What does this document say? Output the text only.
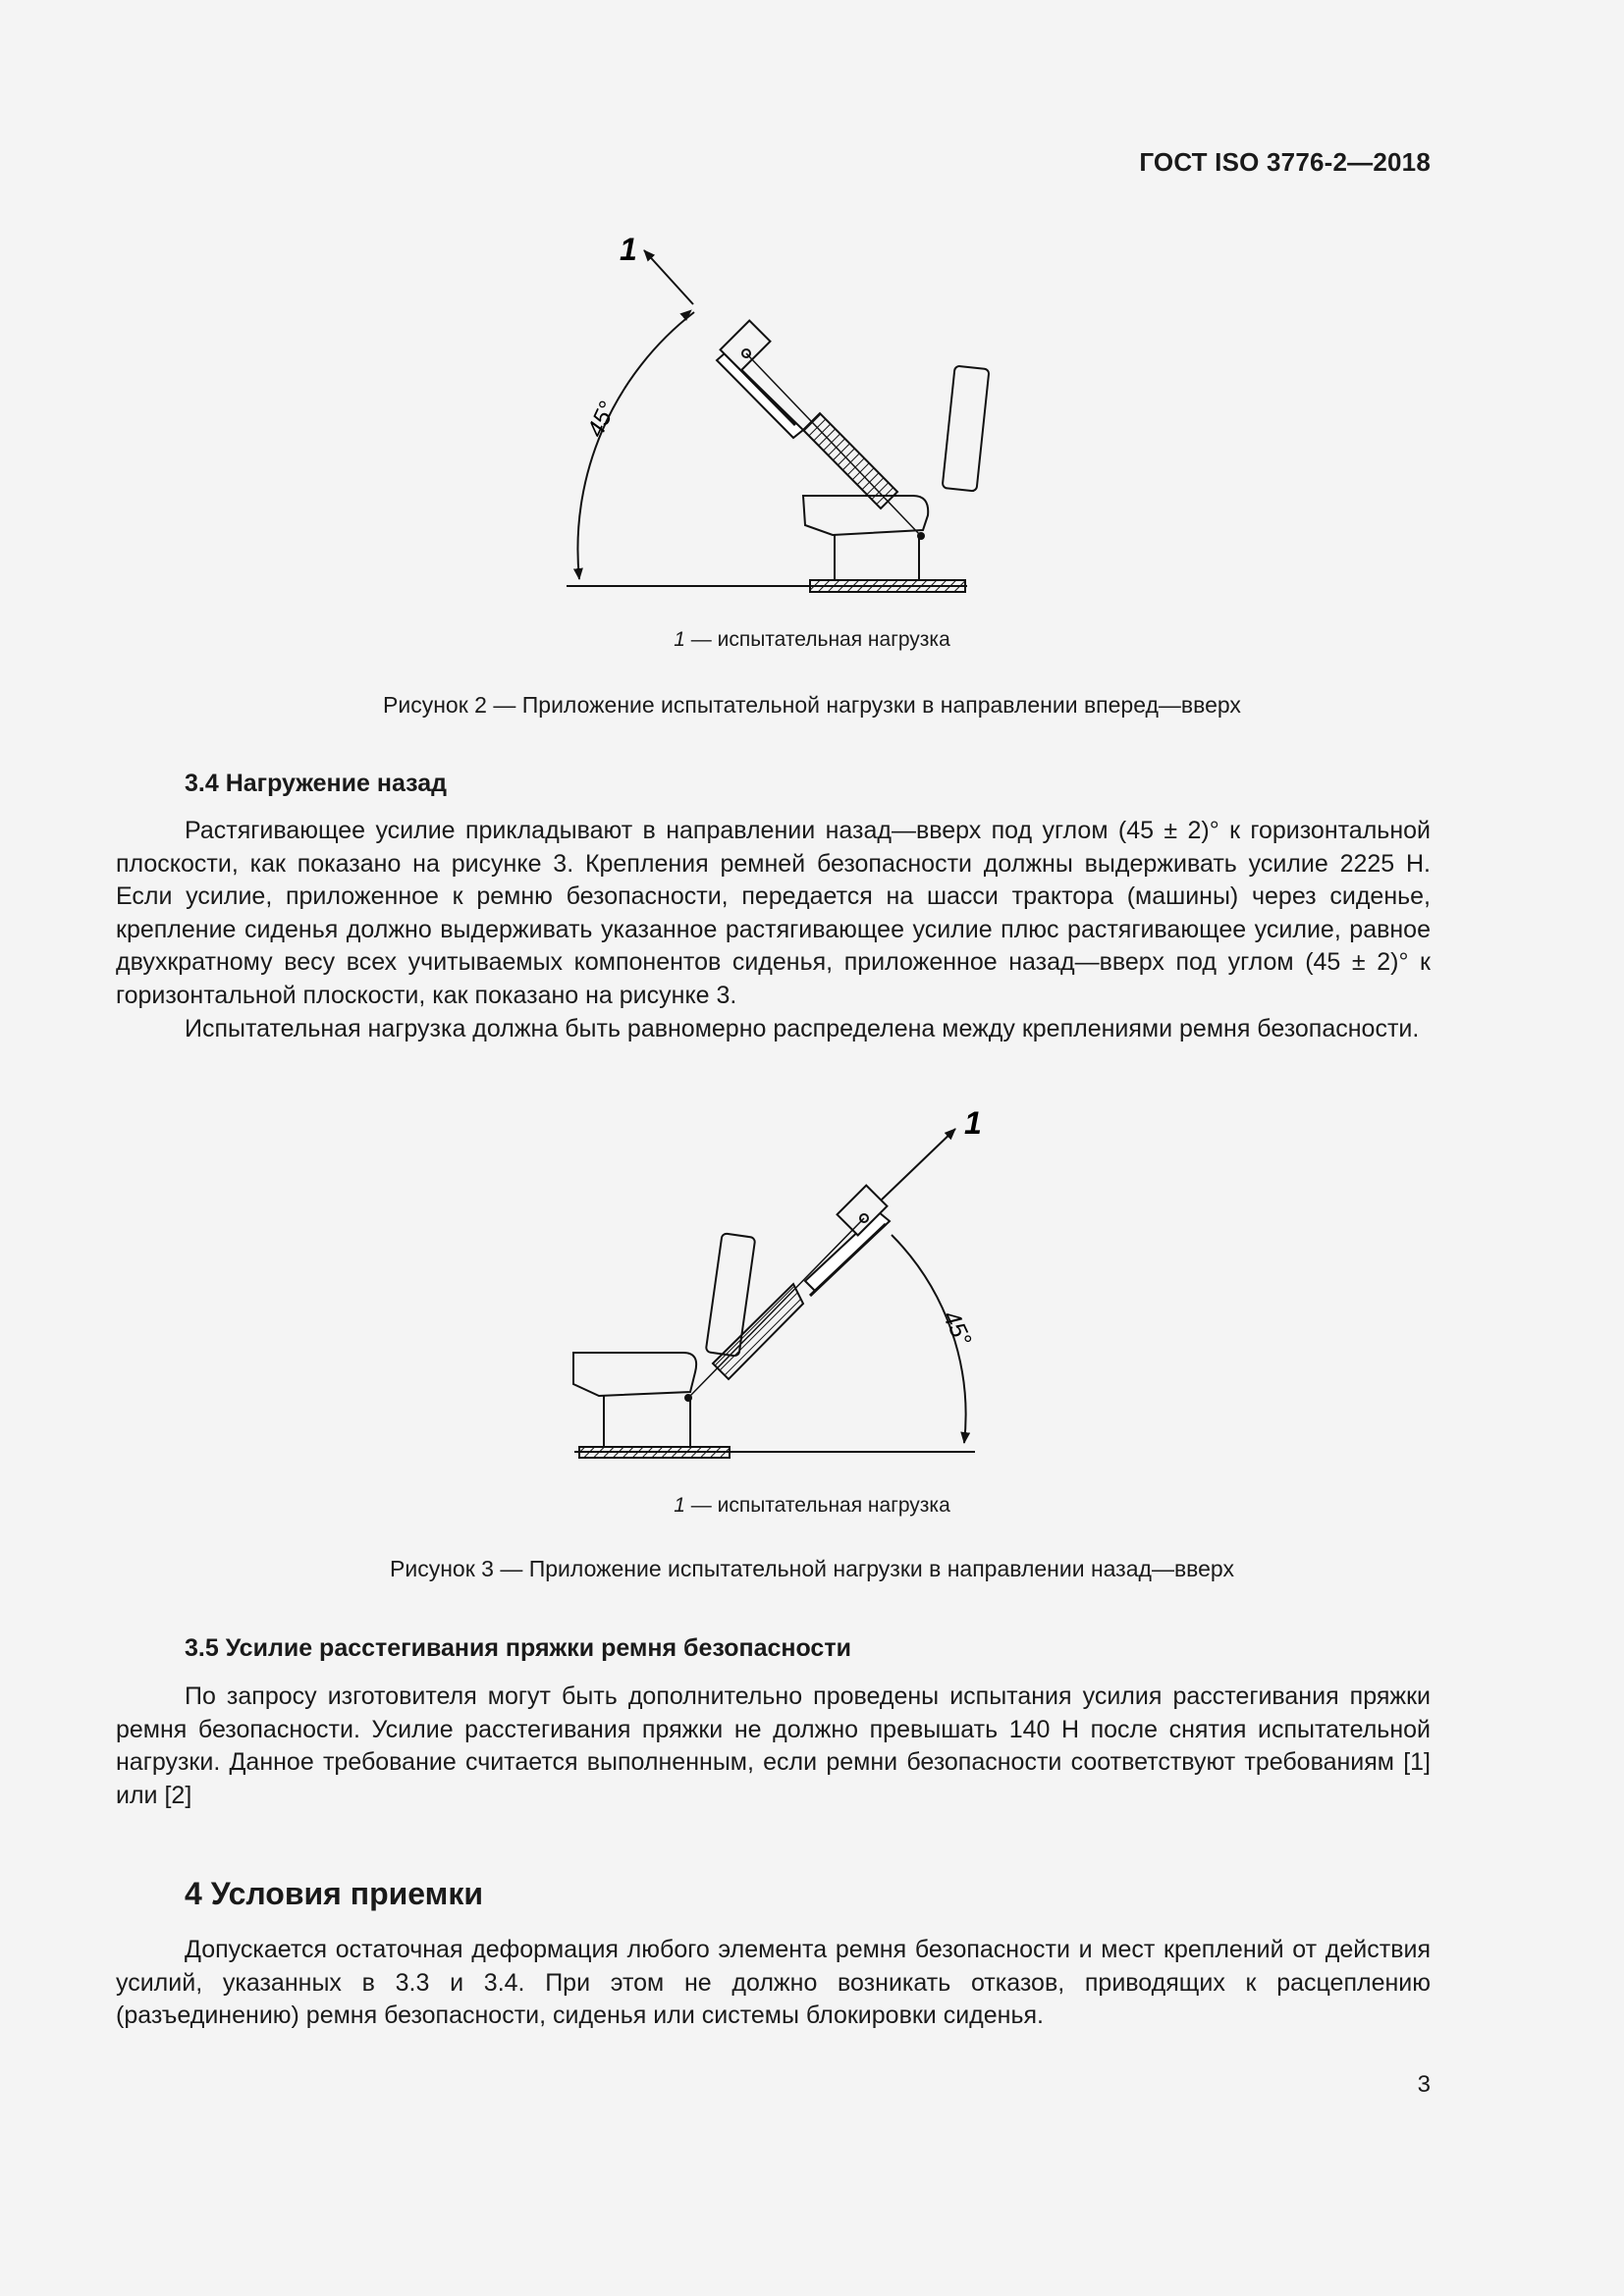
ГОСТ ISO 3776-2—2018
1
45°
1 — испытательная нагрузка
Рисунок 2 — Приложение испытательной нагрузки в направлении вперед—вверх
3.4 Нагружение назад

Растягивающее усилие прикладывают в направлении назад—вверх под углом (45 ± 2)° к горизонтальной плоскости, как показано на рисунке 3. Крепления ремней безопасности должны выдерживать усилие 2225 Н. Если усилие, приложенное к ремню безопасности, передается на шасси трактора (машины) через сиденье, крепление сиденья должно выдерживать указанное растягивающее усилие плюс растягивающее усилие, равное двухкратному весу всех учитываемых компонентов сиденья, приложенное назад—вверх под углом (45 ± 2)° к горизонтальной плоскости, как показано на рисунке 3.

Испытательная нагрузка должна быть равномерно распределена между креплениями ремня безопасности.

1
45°
1 — испытательная нагрузка
Рисунок 3 — Приложение испытательной нагрузки в направлении назад—вверх
3.5 Усилие расстегивания пряжки ремня безопасности

По запросу изготовителя могут быть дополнительно проведены испытания усилия расстегивания пряжки ремня безопасности. Усилие расстегивания пряжки не должно превышать 140 Н после снятия испытательной нагрузки. Данное требование считается выполненным, если ремни безопасности соответствуют требованиям [1] или [2]

4 Условия приемки

Допускается остаточная деформация любого элемента ремня безопасности и мест креплений от действия усилий, указанных в 3.3 и 3.4. При этом не должно возникать отказов, приводящих к расцеплению (разъединению) ремня безопасности, сиденья или системы блокировки сиденья.

3
